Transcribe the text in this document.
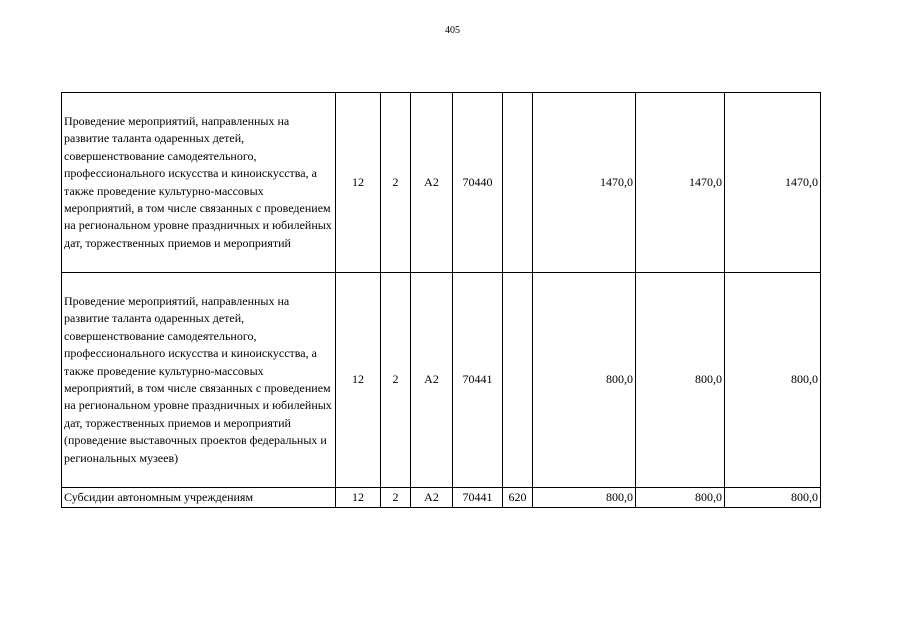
405
Проведение мероприятий, направленных на развитие таланта одаренных детей, совершенствование самодеятельного, профессионального искусства и киноискусства, а также проведение культурно-массовых мероприятий, в том числе связанных с проведением на региональном уровне праздничных и юбилейных дат, торжественных приемов и мероприятий	12	2	А2	70440		1470,0	1470,0	1470,0
Проведение мероприятий, направленных на развитие таланта одаренных детей, совершенствование самодеятельного, профессионального искусства и киноискусства, а также проведение культурно-массовых мероприятий, в том числе связанных с проведением на региональном уровне праздничных и юбилейных дат, торжественных приемов и мероприятий (проведение выставочных проектов федеральных и региональных музеев)	12	2	А2	70441		800,0	800,0	800,0
Субсидии автономным учреждениям	12	2	А2	70441	620	800,0	800,0	800,0
